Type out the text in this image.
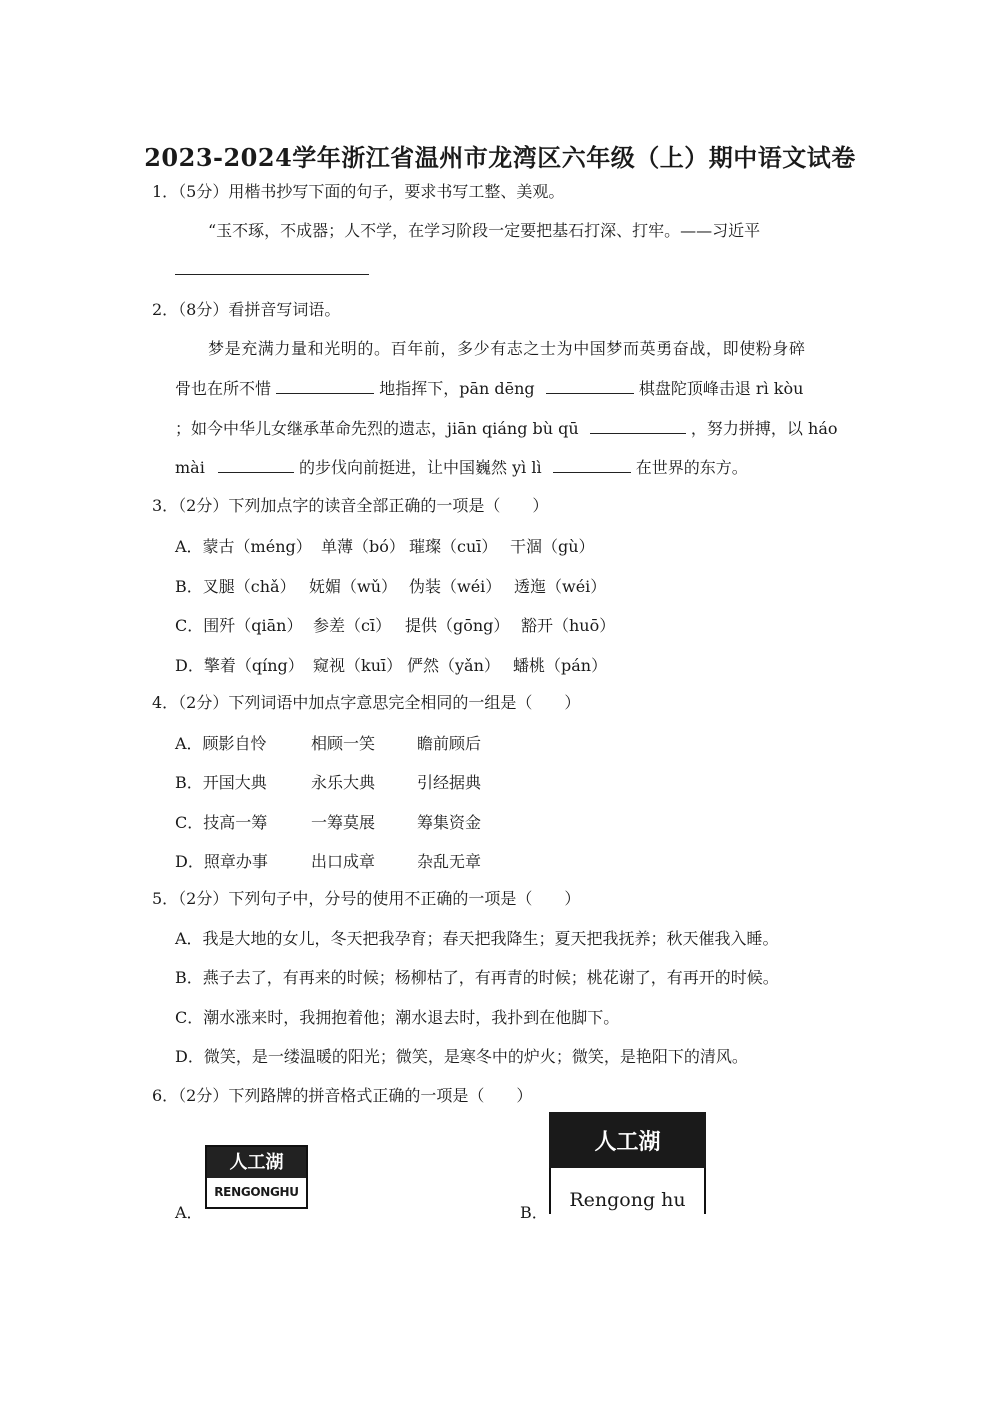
2023-2024学年浙江省温州市龙湾区六年级（上）期中语文试卷
1．（5分）用楷书抄写下面的句子，要求书写工整、美观。
“玉不琢，不成器；人不学，在学习阶段一定要把基石打深、打牢。——习近平
2．（8分）看拼音写词语。
梦是充满力量和光明的。百年前，多少有志之士为中国梦而英勇奋战，即使粉身碎
骨也在所不惜	地指挥下，pān dēng	棋盘陀顶峰击退 rì kòu
；如今中华儿女继承革命先烈的遗志，jiān qiáng bù qū	，努力拼搏，以 háo
mài	的步伐向前挺进，让中国巍然 yì lì	在世界的东方。
3．（2分）下列加点字的读音全部正确的一项是（　　）
A．蒙古（méng） 单薄（bó） 璀璨（cuī） 干涸（gù）
B．叉腿（chǎ） 妩媚（wǔ） 伪装（wéi） 透迤（wéi）
C．围歼（qiān） 参差（cī） 提供（gōng） 豁开（huō）
D．擎着（qíng） 窥视（kuī） 俨然（yǎn） 蟠桃（pán）
4．（2分）下列词语中加点字意思完全相同的一组是（　　）
A．顾影自怜	相顾一笑	瞻前顾后
B．开国大典	永乐大典	引经据典
C．技高一筹	一筹莫展	筹集资金
D．照章办事	出口成章	杂乱无章
5．（2分）下列句子中，分号的使用不正确的一项是（　　）
A．我是大地的女儿，冬天把我孕育；春天把我降生；夏天把我抚养；秋天催我入睡。
B．燕子去了，有再来的时候；杨柳枯了，有再青的时候；桃花谢了，有再开的时候。
C．潮水涨来时，我拥抱着他；潮水退去时，我扑到在他脚下。
D．微笑，是一缕温暖的阳光；微笑，是寒冬中的炉火；微笑，是艳阳下的清风。
6．（2分）下列路牌的拼音格式正确的一项是（　　）
A．
人工湖
RENGONGHU
B．
人工湖
Rengong hu
